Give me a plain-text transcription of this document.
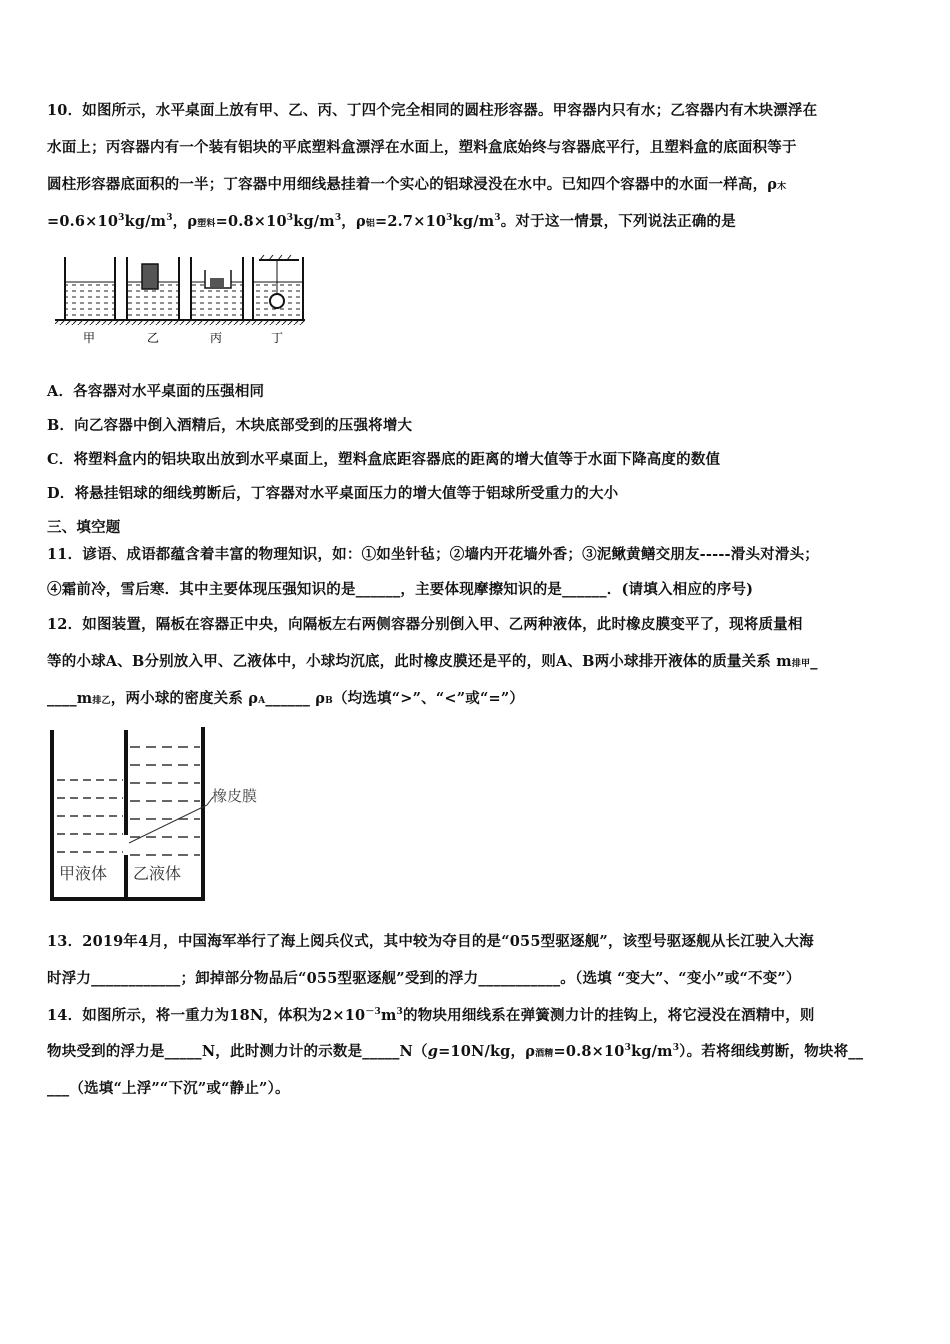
10．如图所示，水平桌面上放有甲、乙、丙、丁四个完全相同的圆柱形容器。甲容器内只有水；乙容器内有木块漂浮在
水面上；丙容器内有一个装有铝块的平底塑料盒漂浮在水面上，塑料盒底始终与容器底平行，且塑料盒的底面积等于
圆柱形容器底面积的一半；丁容器中用细线悬挂着一个实心的铝球浸没在水中。已知四个容器中的水面一样高，ρ木
$=0.6\times 10^3kg/m^3$，ρ塑料$=0.8\times 10^3kg/m^3$，ρ铝$=2.7\times 10^3kg/m^3$。对于这一情景，下列说法正确的是
甲	乙	丙	丁
A．各容器对水平桌面的压强相同
B．向乙容器中倒入酒精后，木块底部受到的压强将增大
C．将塑料盒内的铝块取出放到水平桌面上，塑料盒底距容器底的距离的增大值等于水面下降高度的数值
D．将悬挂铝球的细线剪断后，丁容器对水平桌面压力的增大值等于铝球所受重力的大小
三、填空题
11．谚语、成语都蕴含着丰富的物理知识，如：①如坐针毡；②墙内开花墙外香；③泥鳅黄鳝交朋友-----滑头对滑头；
④霜前冷，雪后寒．其中主要体现压强知识的是______，主要体现摩擦知识的是______．(请填入相应的序号)
12．如图装置，隔板在容器正中央，向隔板左右两侧容器分别倒入甲、乙两种液体，此时橡皮膜变平了，现将质量相
等的小球A、B分别放入甲、乙液体中，小球均沉底，此时橡皮膜还是平的，则A、B两小球排开液体的质量关系 m排甲_
____m排乙，两小球的密度关系 ρA______ ρB（均选填“>”、“<”或“=”）
橡皮膜
甲液体 乙液体
13．2019年4月，中国海军举行了海上阅兵仪式，其中较为夺目的是“055型驱逐舰”，该型号驱逐舰从长江驶入大海
时浮力____________；卸掉部分物品后“055型驱逐舰”受到的浮力___________。（选填 “变大”、“变小”或“不变”）
14．如图所示，将一重力为18N，体积为$2\times 10^{-3}m^3$的物块用细线系在弹簧测力计的挂钩上，将它浸没在酒精中，则
物块受到的浮力是_____N，此时测力计的示数是_____N（g=10N/kg，ρ酒精$=0.8\times 10^3kg/m^3$）。若将细线剪断，物块将__
___（选填“上浮”“下沉”或“静止”）。
